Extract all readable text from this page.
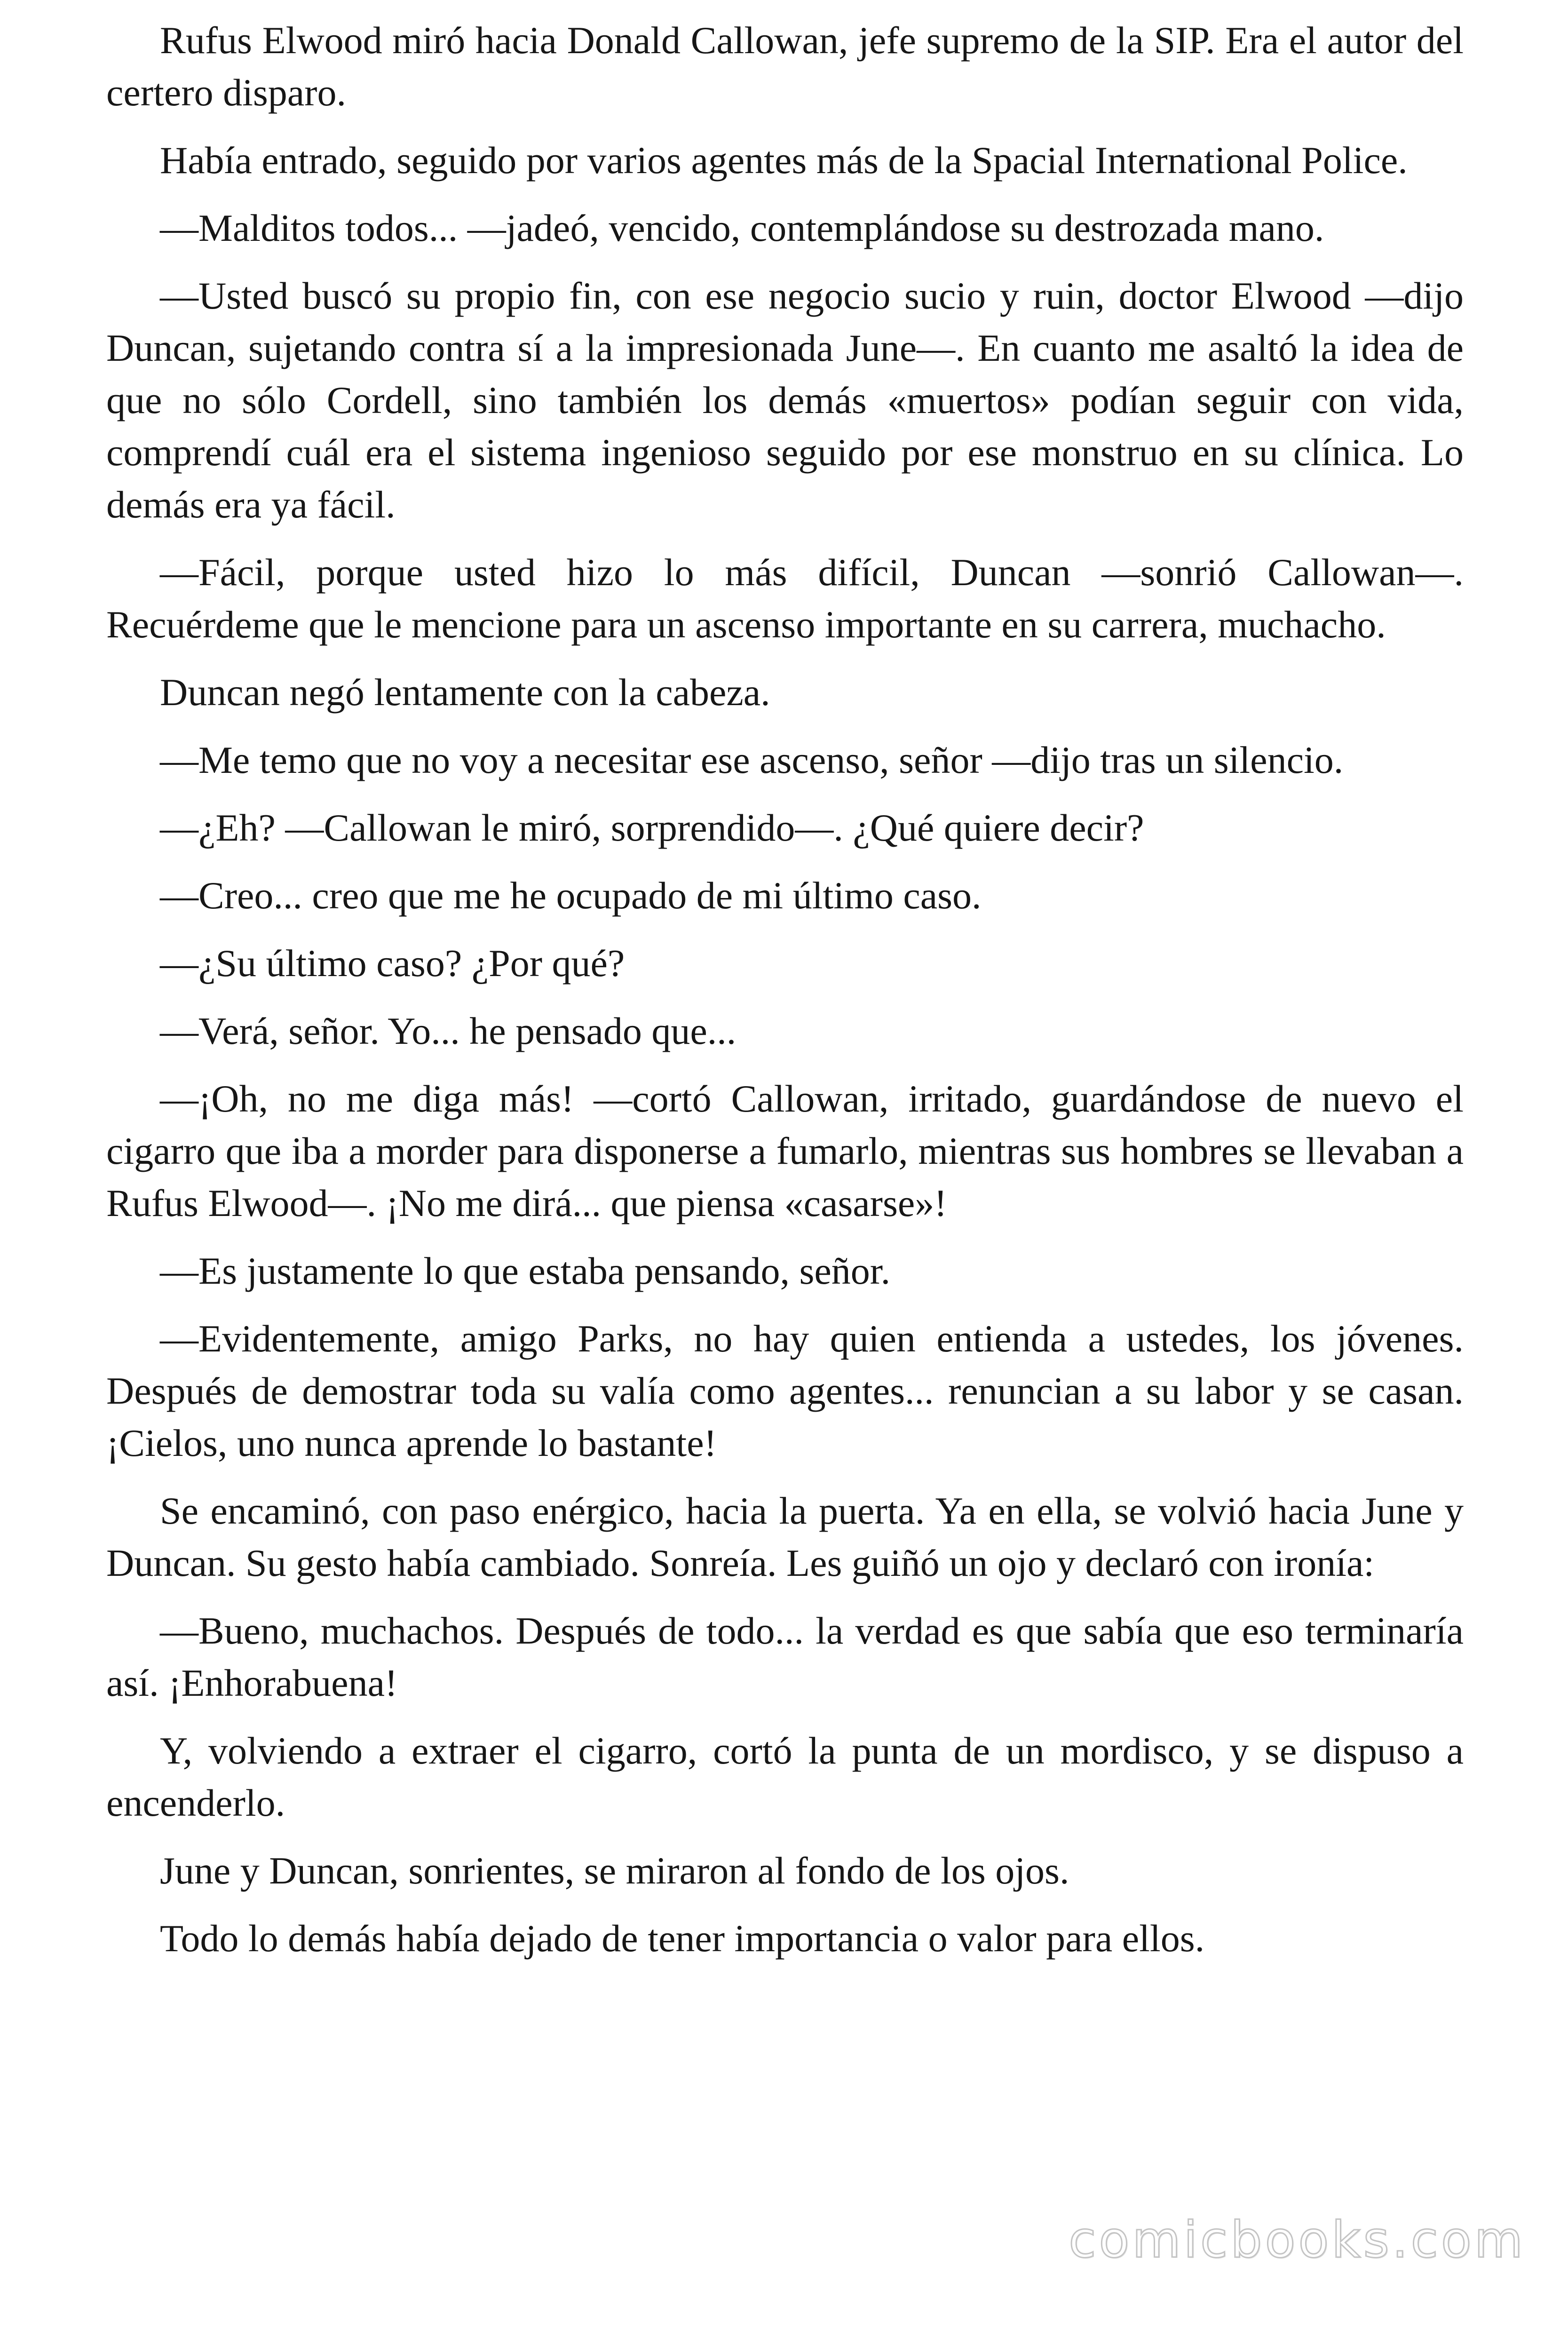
Rufus Elwood miró hacia Donald Callowan, jefe supremo de la SIP. Era el autor del certero disparo.

Había entrado, seguido por varios agentes más de la Spacial International Police.

—Malditos todos... —jadeó, vencido, contemplándose su destrozada mano.

—Usted buscó su propio fin, con ese negocio sucio y ruin, doctor Elwood —dijo Duncan, sujetando contra sí a la impresionada June—. En cuanto me asaltó la idea de que no sólo Cordell, sino también los demás «muertos» podían seguir con vida, comprendí cuál era el sistema ingenioso seguido por ese monstruo en su clínica. Lo demás era ya fácil.

—Fácil, porque usted hizo lo más difícil, Duncan —sonrió Callowan—. Recuérdeme que le mencione para un ascenso importante en su carrera, muchacho.

Duncan negó lentamente con la cabeza.

—Me temo que no voy a necesitar ese ascenso, señor —dijo tras un silencio.

—¿Eh? —Callowan le miró, sorprendido—. ¿Qué quiere decir?

—Creo... creo que me he ocupado de mi último caso.

—¿Su último caso? ¿Por qué?

—Verá, señor. Yo... he pensado que...

—¡Oh, no me diga más! —cortó Callowan, irritado, guardándose de nuevo el cigarro que iba a morder para disponerse a fumarlo, mientras sus hombres se llevaban a Rufus Elwood—. ¡No me dirá... que piensa «casarse»!

—Es justamente lo que estaba pensando, señor.

—Evidentemente, amigo Parks, no hay quien entienda a ustedes, los jóvenes. Después de demostrar toda su valía como agentes... renuncian a su labor y se casan. ¡Cielos, uno nunca aprende lo bastante!

Se encaminó, con paso enérgico, hacia la puerta. Ya en ella, se volvió hacia June y Duncan. Su gesto había cambiado. Sonreía. Les guiñó un ojo y declaró con ironía:

—Bueno, muchachos. Después de todo... la verdad es que sabía que eso terminaría así. ¡Enhorabuena!

Y, volviendo a extraer el cigarro, cortó la punta de un mordisco, y se dispuso a encenderlo.

June y Duncan, sonrientes, se miraron al fondo de los ojos.

Todo lo demás había dejado de tener importancia o valor para ellos.

comicbooks.com
